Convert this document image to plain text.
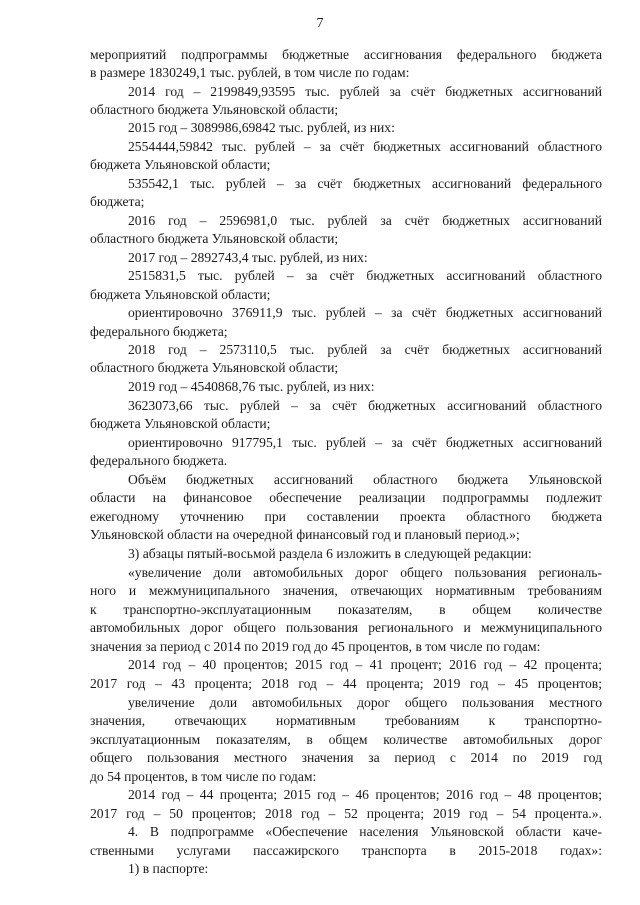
7
мероприятий подпрограммы бюджетные ассигнования федерального бюджета
в размере 1830249,1 тыс. рублей, в том числе по годам:
2014 год – 2199849,93595 тыс. рублей за счёт бюджетных ассигнований
областного бюджета Ульяновской области;
2015 год – 3089986,69842 тыс. рублей, из них:
2554444,59842 тыс. рублей – за счёт бюджетных ассигнований областного
бюджета Ульяновской области;
535542,1 тыс. рублей – за счёт бюджетных ассигнований федерального
бюджета;
2016 год – 2596981,0 тыс. рублей за счёт бюджетных ассигнований
областного бюджета Ульяновской области;
2017 год – 2892743,4 тыс. рублей, из них:
2515831,5 тыс. рублей – за счёт бюджетных ассигнований областного
бюджета Ульяновской области;
ориентировочно 376911,9 тыс. рублей – за счёт бюджетных ассигнований
федерального бюджета;
2018 год – 2573110,5 тыс. рублей за счёт бюджетных ассигнований
областного бюджета Ульяновской области;
2019 год – 4540868,76 тыс. рублей, из них:
3623073,66 тыс. рублей – за счёт бюджетных ассигнований областного
бюджета Ульяновской области;
ориентировочно 917795,1 тыс. рублей – за счёт бюджетных ассигнований
федерального бюджета.
Объём бюджетных ассигнований областного бюджета Ульяновской
области на финансовое обеспечение реализации подпрограммы подлежит
ежегодному уточнению при составлении проекта областного бюджета
Ульяновской области на очередной финансовый год и плановый период.»;
3) абзацы пятый-восьмой раздела 6 изложить в следующей редакции:
«увеличение доли автомобильных дорог общего пользования региональ-
ного и межмуниципального значения, отвечающих нормативным требованиям
к транспортно-эксплуатационным показателям, в общем количестве
автомобильных дорог общего пользования регионального и межмуниципального
значения за период с 2014 по 2019 год до 45 процентов, в том числе по годам:
2014 год – 40 процентов; 2015 год – 41 процент; 2016 год – 42 процента;
2017 год – 43 процента; 2018 год – 44 процента; 2019 год – 45 процентов;
увеличение доли автомобильных дорог общего пользования местного
значения, отвечающих нормативным требованиям к транспортно-
эксплуатационным показателям, в общем количестве автомобильных дорог
общего пользования местного значения за период с 2014 по 2019 год
до 54 процентов, в том числе по годам:
2014 год – 44 процента; 2015 год – 46 процентов; 2016 год – 48 процентов;
2017 год – 50 процентов; 2018 год – 52 процента; 2019 год – 54 процента.».
4. В подпрограмме «Обеспечение населения Ульяновской области каче-
ственными услугами пассажирского транспорта в 2015-2018 годах»:
1) в паспорте:
